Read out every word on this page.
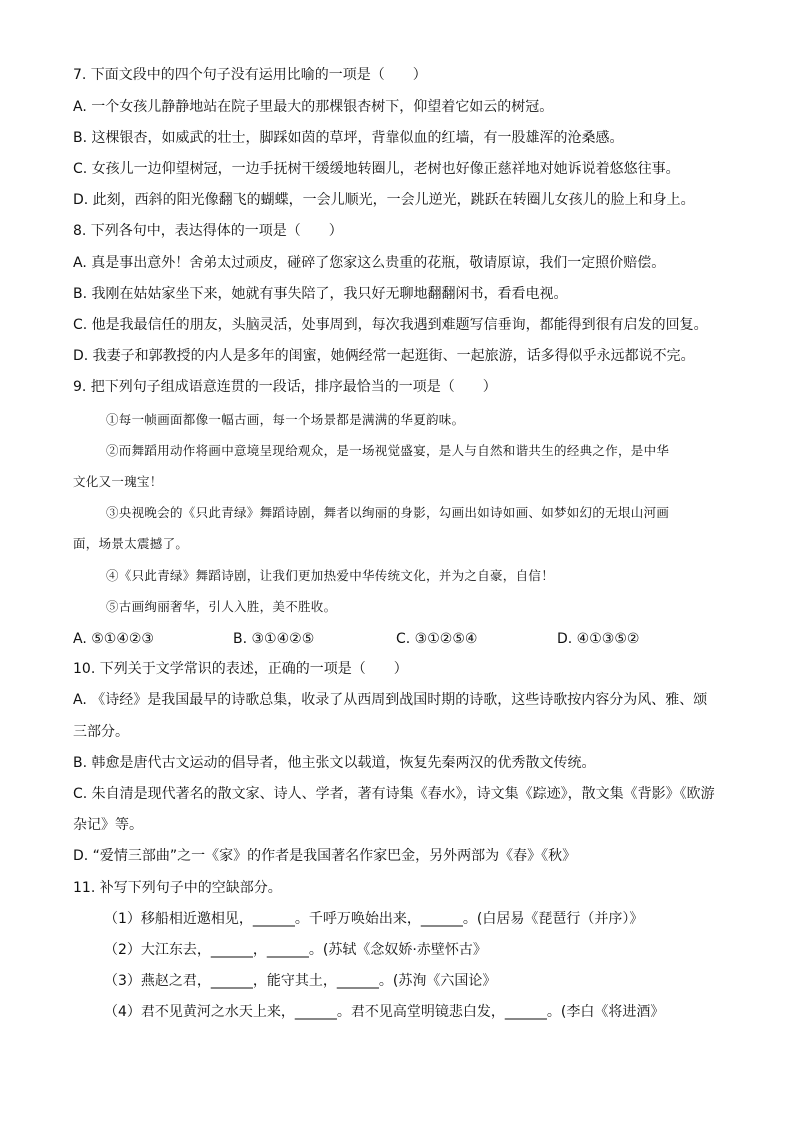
7. 下面文段中的四个句子没有运用比喻的一项是（　　）
A. 一个女孩儿静静地站在院子里最大的那棵银杏树下，仰望着它如云的树冠。
B. 这棵银杏，如威武的壮士，脚踩如茵的草坪，背靠似血的红墙，有一股雄浑的沧桑感。
C. 女孩儿一边仰望树冠，一边手抚树干缓缓地转圈儿，老树也好像正慈祥地对她诉说着悠悠往事。
D. 此刻，西斜的阳光像翻飞的蝴蝶，一会儿顺光，一会儿逆光，跳跃在转圈儿女孩儿的脸上和身上。
8. 下列各句中，表达得体的一项是（　　）
A. 真是事出意外！舍弟太过顽皮，碰碎了您家这么贵重的花瓶，敬请原谅，我们一定照价赔偿。
B. 我刚在姑姑家坐下来，她就有事失陪了，我只好无聊地翻翻闲书，看看电视。
C. 他是我最信任的朋友，头脑灵活，处事周到，每次我遇到难题写信垂询，都能得到很有启发的回复。
D. 我妻子和郭教授的内人是多年的闺蜜，她俩经常一起逛街、一起旅游，话多得似乎永远都说不完。
9. 把下列句子组成语意连贯的一段话，排序最恰当的一项是（　　）
①每一帧画面都像一幅古画，每一个场景都是满满的华夏韵味。
②而舞蹈用动作将画中意境呈现给观众，是一场视觉盛宴，是人与自然和谐共生的经典之作，是中华
文化又一瑰宝！
③央视晚会的《只此青绿》舞蹈诗剧，舞者以绚丽的身影，勾画出如诗如画、如梦如幻的无垠山河画
面，场景太震撼了。
④《只此青绿》舞蹈诗剧，让我们更加热爱中华传统文化，并为之自豪，自信！
⑤古画绚丽奢华，引人入胜，美不胜收。
A. ⑤①④②③	B. ③①④②⑤	C. ③①②⑤④	D. ④①③⑤②
10. 下列关于文学常识的表述，正确的一项是（　　）
A. 《诗经》是我国最早的诗歌总集，收录了从西周到战国时期的诗歌，这些诗歌按内容分为风、雅、颂
三部分。
B. 韩愈是唐代古文运动的倡导者，他主张文以载道，恢复先秦两汉的优秀散文传统。
C. 朱自清是现代著名的散文家、诗人、学者，著有诗集《春水》，诗文集《踪迹》，散文集《背影》《欧游
杂记》等。
D. “爱情三部曲”之一《家》的作者是我国著名作家巴金，另外两部为《春》《秋》
11. 补写下列句子中的空缺部分。
（1）移船相近邀相见，______。千呼万唤始出来，______。(白居易《琵琶行（并序）》
（2）大江东去，______，______。(苏轼《念奴娇·赤壁怀古》
（3）燕赵之君，______，能守其土，______。(苏洵《六国论》
（4）君不见黄河之水天上来，______。君不见高堂明镜悲白发，______。(李白《将进酒》
